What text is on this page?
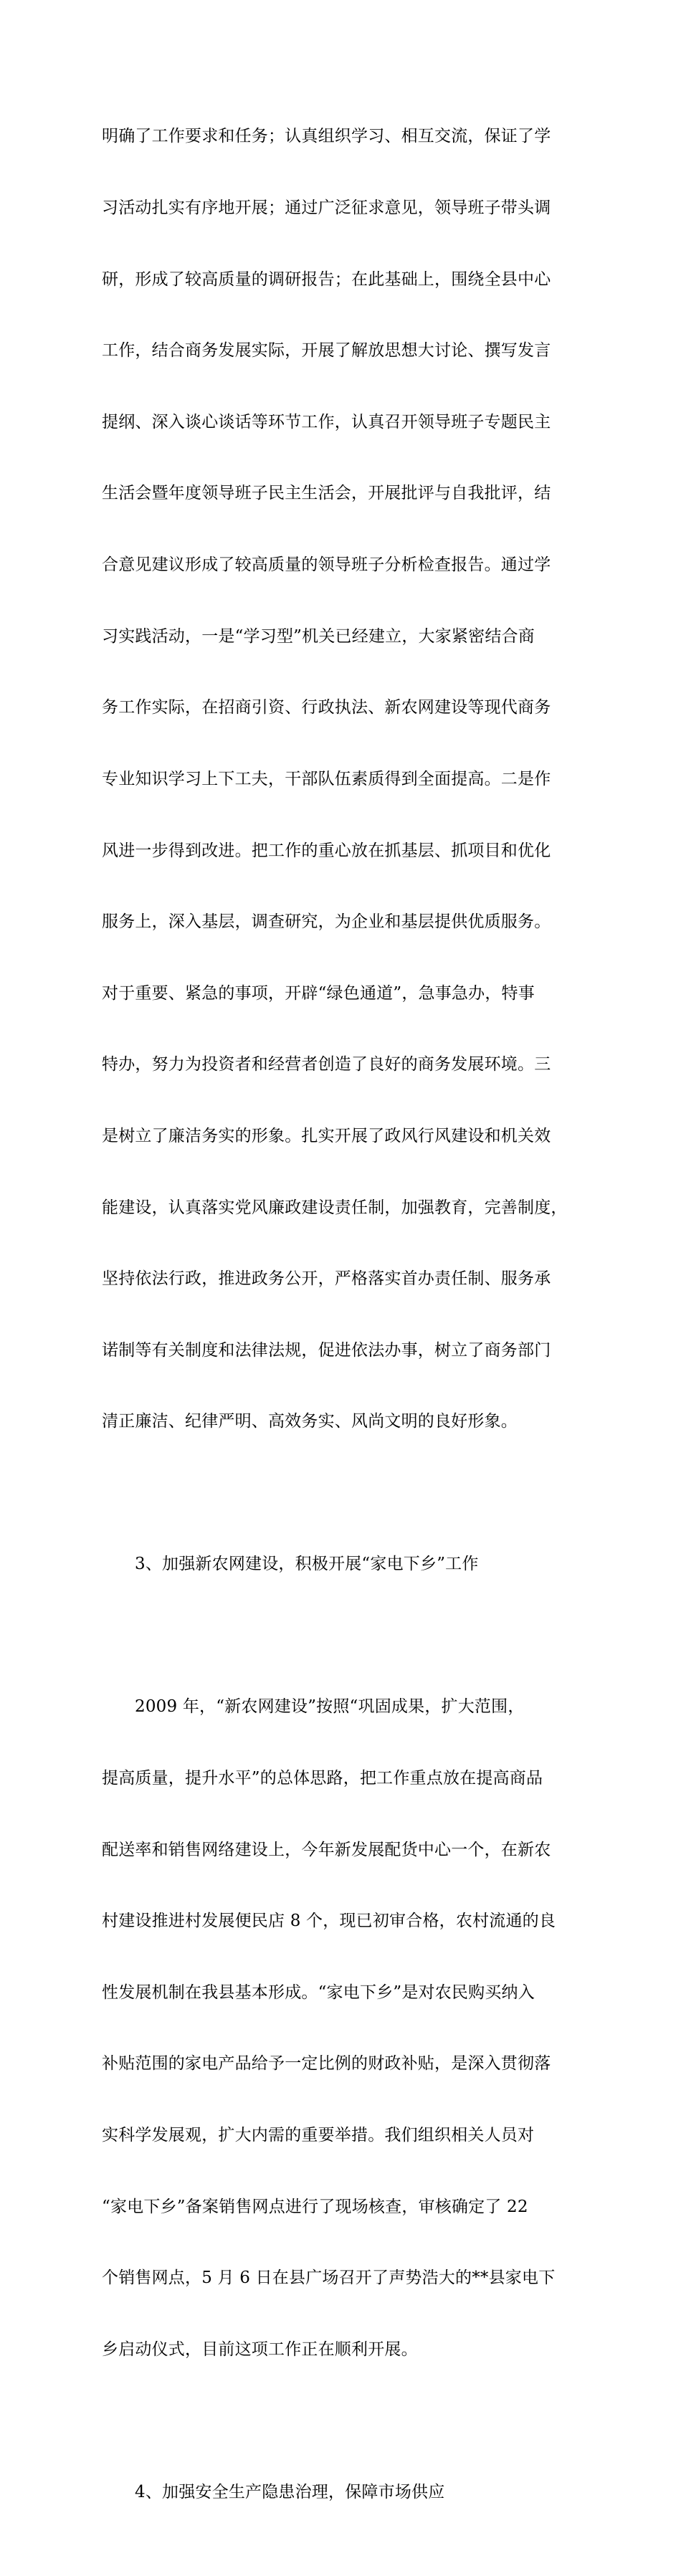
明确了工作要求和任务；认真组织学习、相互交流，保证了学

习活动扎实有序地开展；通过广泛征求意见，领导班子带头调

研，形成了较高质量的调研报告；在此基础上，围绕全县中心

工作，结合商务发展实际，开展了解放思想大讨论、撰写发言

提纲、深入谈心谈话等环节工作，认真召开领导班子专题民主

生活会暨年度领导班子民主生活会，开展批评与自我批评，结

合意见建议形成了较高质量的领导班子分析检查报告。通过学

习实践活动，一是“学习型”机关已经建立，大家紧密结合商

务工作实际，在招商引资、行政执法、新农网建设等现代商务

专业知识学习上下工夫，干部队伍素质得到全面提高。二是作

风进一步得到改进。把工作的重心放在抓基层、抓项目和优化

服务上，深入基层，调查研究，为企业和基层提供优质服务。

对于重要、紧急的事项，开辟“绿色通道”，急事急办，特事

特办，努力为投资者和经营者创造了良好的商务发展环境。三

是树立了廉洁务实的形象。扎实开展了政风行风建设和机关效

能建设，认真落实党风廉政建设责任制，加强教育，完善制度，

坚持依法行政，推进政务公开，严格落实首办责任制、服务承

诺制等有关制度和法律法规，促进依法办事，树立了商务部门

清正廉洁、纪律严明、高效务实、风尚文明的良好形象。

3、加强新农网建设，积极开展“家电下乡”工作

2009 年，“新农网建设”按照“巩固成果，扩大范围，

提高质量，提升水平”的总体思路，把工作重点放在提高商品

配送率和销售网络建设上，今年新发展配货中心一个，在新农

村建设推进村发展便民店 8 个，现已初审合格，农村流通的良

性发展机制在我县基本形成。“家电下乡”是对农民购买纳入

补贴范围的家电产品给予一定比例的财政补贴，是深入贯彻落

实科学发展观，扩大内需的重要举措。我们组织相关人员对

“家电下乡”备案销售网点进行了现场核查，审核确定了 22

个销售网点，5 月 6 日在县广场召开了声势浩大的**县家电下

乡启动仪式，目前这项工作正在顺利开展。

4、加强安全生产隐患治理，保障市场供应
